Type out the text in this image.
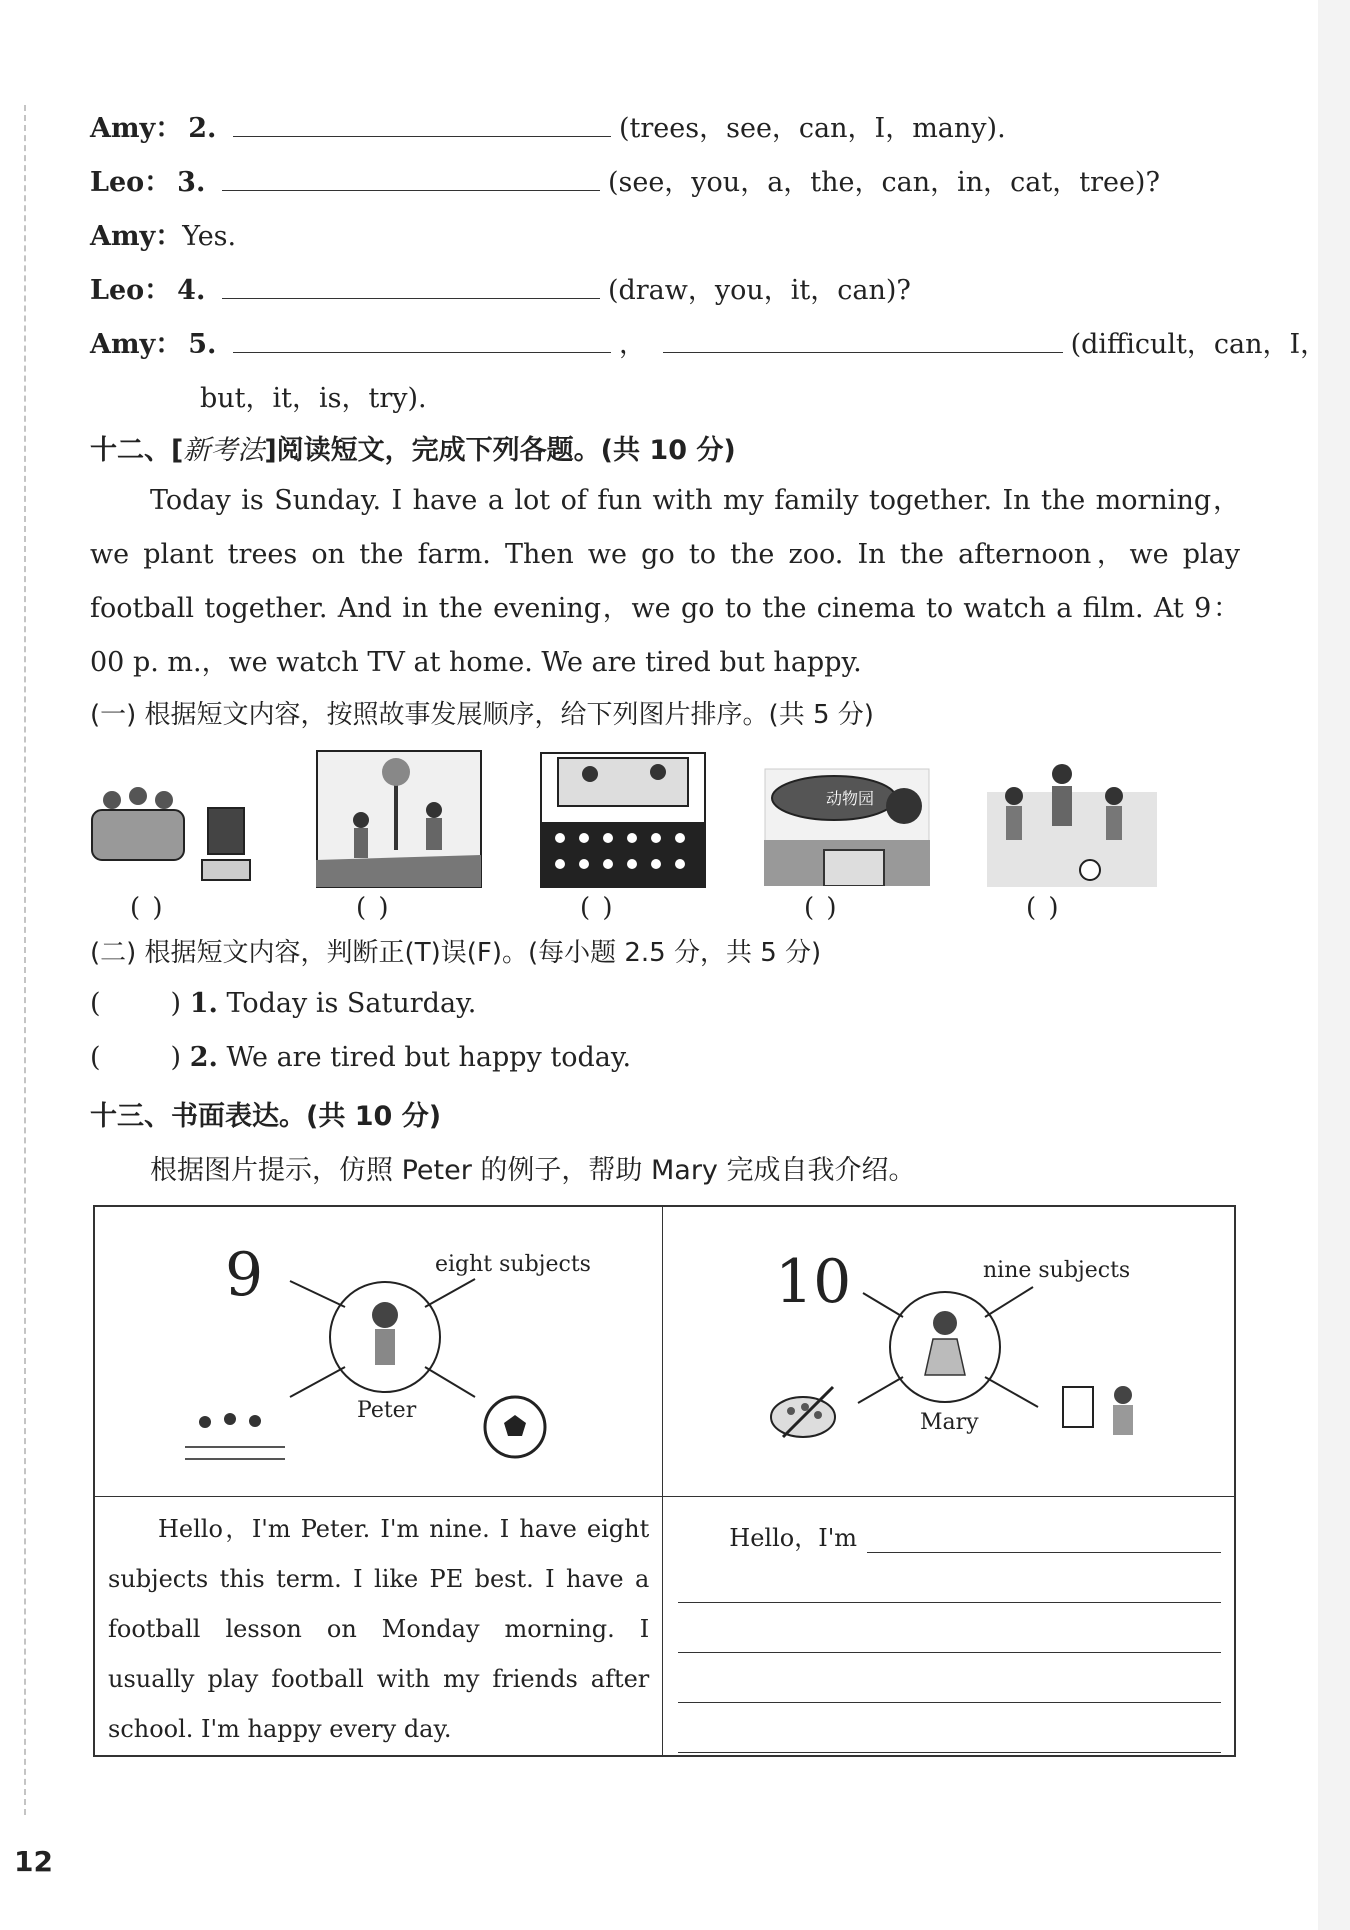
Amy： 2.	(trees，see，can，I，many).
Leo： 3.	(see，you，a，the，can，in，cat，tree)?
Amy：Yes.
Leo： 4.	(draw，you，it，can)?
Amy： 5.	，	(difficult，can，I，
but，it，is，try).
十二、[新考法]阅读短文，完成下列各题。(共 10 分)
Today is Sunday. I have a lot of fun with my family together. In the morning，we plant trees on the farm. Then we go to the zoo. In the afternoon，we play football together. And in the evening，we go to the cinema to watch a film. At 9：00 p. m.，we watch TV at home. We are tired but happy.
(一) 根据短文内容，按照故事发展顺序，给下列图片排序。(共 5 分)
动物园
( )	( )	( )	( )	( )
(二) 根据短文内容，判断正(T)误(F)。(每小题 2.5 分，共 5 分)
(	) 1. Today is Saturday.
(	) 2. We are tired but happy today.
十三、书面表达。(共 10 分)
根据图片提示，仿照 Peter 的例子，帮助 Mary 完成自我介绍。
9 eight subjects
Peter	10 nine subjects
Mary

Hello，I'm Peter. I'm nine. I have eight subjects this term. I like PE best. I have a football lesson on Monday morning. I usually play football with my friends after school. I'm happy every day.	Hello，I'm
12
